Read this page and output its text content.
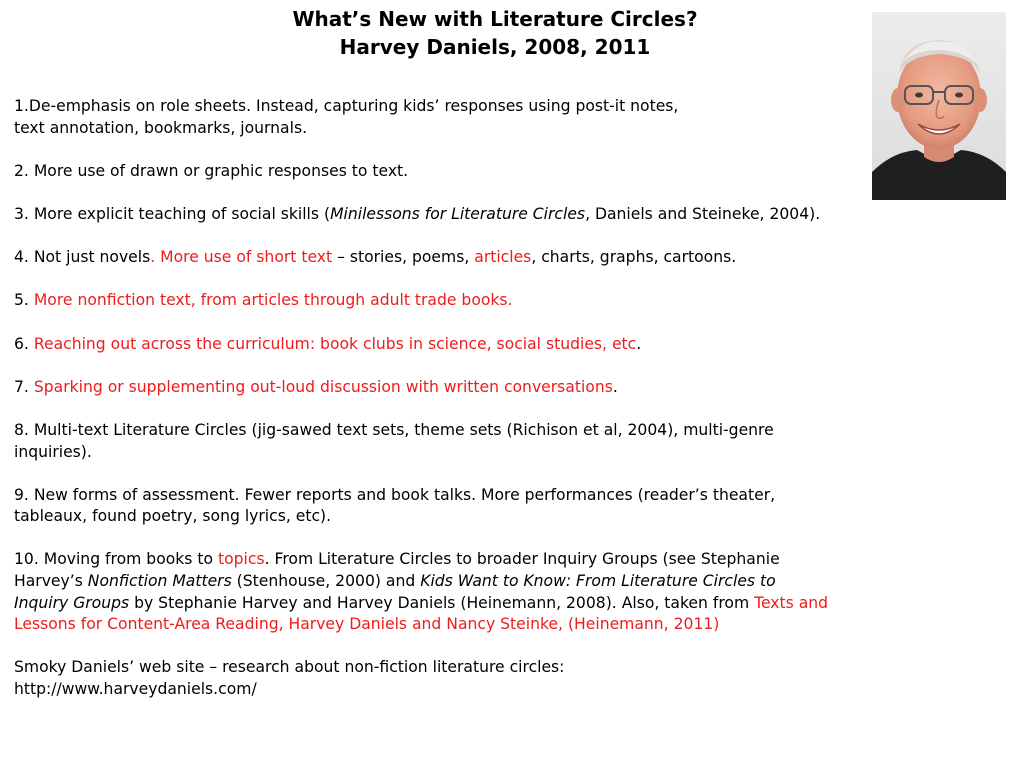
What’s New with Literature Circles?
Harvey Daniels, 2008, 2011
1.De-emphasis on role sheets. Instead, capturing kids’ responses using post-it notes,
text annotation, bookmarks, journals.
2. More use of drawn or graphic responses to text.
3. More explicit teaching of social skills (Minilessons for Literature Circles, Daniels and Steineke, 2004).
4. Not just novels. More use of short text – stories, poems, articles, charts, graphs, cartoons.
5. More nonfiction text, from articles through adult trade books.
6. Reaching out across the curriculum: book clubs in science, social studies, etc.
7. Sparking or supplementing out-loud discussion with written conversations.
8. Multi-text Literature Circles (jig-sawed text sets, theme sets (Richison et al, 2004), multi-genre
inquiries).
9. New forms of assessment. Fewer reports and book talks. More performances (reader’s theater,
tableaux, found poetry, song lyrics, etc).
10. Moving from books to topics. From Literature Circles to broader Inquiry Groups (see Stephanie
Harvey’s Nonfiction Matters (Stenhouse, 2000) and Kids Want to Know: From Literature Circles to
Inquiry Groups by Stephanie Harvey and Harvey Daniels (Heinemann, 2008). Also, taken from Texts and
Lessons for Content-Area Reading, Harvey Daniels and Nancy Steinke, (Heinemann, 2011)
Smoky Daniels’ web site – research about non-fiction literature circles:
http://www.harveydaniels.com/
